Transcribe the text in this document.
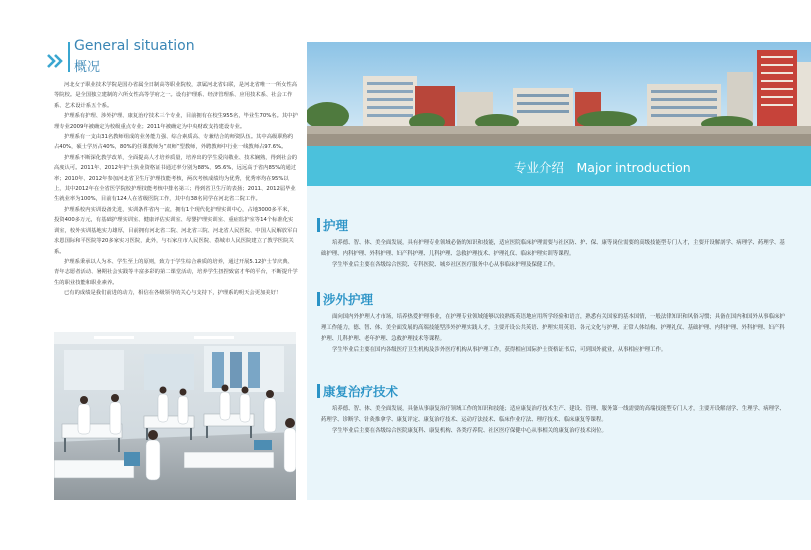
General situation
概况

河北女子职业技术学院是国办省属全日制高等职业院校，隶属河北省妇联，是河北省唯一一所女性高等院校。是全国独立建制的六所女性高等学府之一。设有护理系、经济管理系、应用技术系、社会工作系、艺术设计系五个系。

护理系有护理、涉外护理、康复治疗技术三个专业，目前拥有在校生955名，毕业生70%名。其中护理专业2009年被确定为校级重点专业；2011年被确定为中央财政支持建设专业。

护理系有一支由31名教师组成的业务能力强、综合素质高、专兼结合的师资队伍。其中高级职称约占40%，硕士学历占40%，80%的任课教师为“双师”型教师，外聘教师中行业一线教师占97.6%。

护理系不断深化教学改革，全面提高人才培养质量，培养出的学生爱岗敬业、技术娴熟，得到社会的高度认可。2011年、2012年护士执业资格证书通过率分别为88%、95.6%，远远高于省内85%的通过率；2010年、2012年参加河北省卫生厅护理技能考核，两次考核成绩均为优秀，优秀率均在95%以上，其中2012年在全省医学院校护理技能考核中排名第三；得到省卫生厅的表扬；2011、2012届毕业生就业率为100%，目前有124人在省级医院工作，其中有38名同学在河北省二院工作。

护理系校内实训设备先进，实训条件省内一流，拥有1个现代化护理实训中心，占地3000多平米，投资400多万元，有基础护理实训室、健康评估实训室、母婴护理实训室、重症监护室等14个标准化实训室，校外实训基地实力雄厚，目前拥有河北省二院、河北省三院、河北省人民医院、中国人民解放军白求恩国际和平医院等20多家实习医院，此外，与石家庄市人民医院、荔城市人民医院建立了教学医院关系。

护理系秉承以人为本、学生至上的原则，致力于学生综合素质的培养，通过开展5.12护士节庆典、青年志愿者活动、暑期社会实践等丰富多彩的第二课堂活动，培养学生扭捏致富才华的平台，不断提升学生的职业技能和职业素养。

已有的成绩是我们前进的动力，相信在各级领导的关心与支持下，护理系的明天会更加美好！

专业介绍　Major introduction
护理

培养德、智、体、美全面发展，具有护理专业领域必备的知识和技能，适应医院临床护理需要与社区防、护、保、康等岗位需要的高级技能型专门人才，主要开设解剖学、病理学、药理学、基础护理、内科护理、外科护理、妇产科护理、儿科护理、急救护理技术、护理礼仪、临床护理实训等课程。

学生毕业后主要在各级综合医院、专科医院、城乡社区医疗服务中心从事临床护理及保健工作。

涉外护理

面向国内外护理人才市场，培养热爱护理事业，在护理专业领域能够以较熟练英语地应用所学经验和语言，熟悉有关国家的基本国情，一般法律知识和风俗习惯；具备在国内和国外从事临床护理工作能力，德、智、体、美全面发展的高端技能型涉外护理实践人才，主要开设公共英语、护理实用英语、各元文化与护理、正常人体结构、护理礼仪、基础护理、内科护理、外科护理、妇产科护理、儿科护理、老年护理、急救护理技术等课程。

学生毕业后主要在国内各级医疗卫生机构及涉外医疗机构从事护理工作，获得相应国际护士资格证书后，可到国外就业，从事相应护理工作。

康复治疗技术

培养德、智、体、美全面发展，具备从事康复治疗领域工作的知识和技能；适应康复治疗技术生产、建设、管理、服务第一线需要的高端技能型专门人才，主要开设解剖学、生理学、病理学、药理学、诊断学、针灸推拿学、康复评定、康复治疗技术、运动疗法技术、临床作业疗法、理疗技术、临床康复等课程。

学生毕业后主要在各级综合医院康复科、康复机构、各类疗养院、社区医疗保健中心从事相关的康复治疗技术岗位。
